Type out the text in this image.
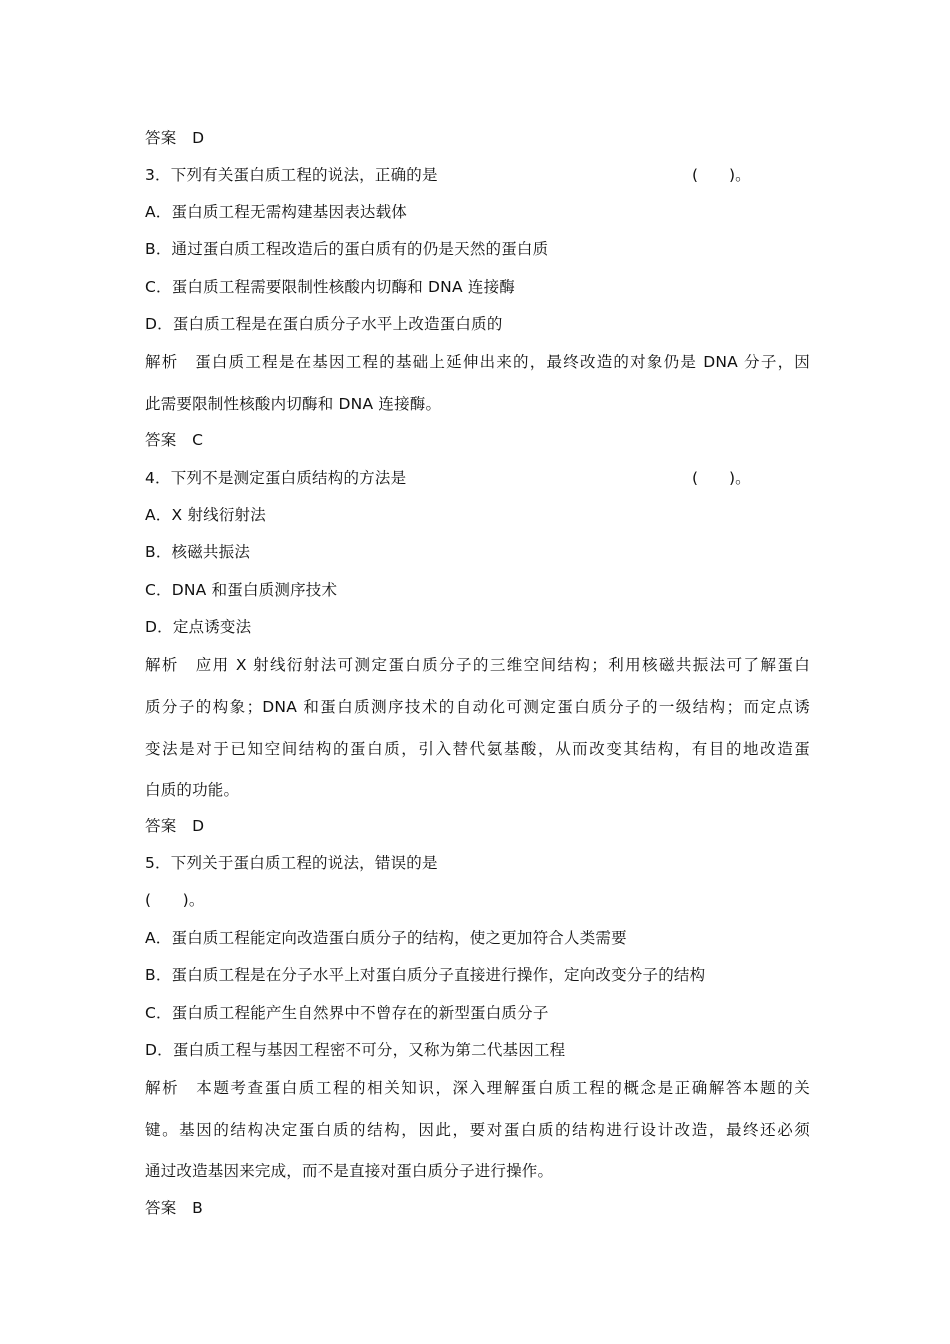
答案　D
3．下列有关蛋白质工程的说法，正确的是	(　　)。
A．蛋白质工程无需构建基因表达载体
B．通过蛋白质工程改造后的蛋白质有的仍是天然的蛋白质
C．蛋白质工程需要限制性核酸内切酶和 DNA 连接酶
D．蛋白质工程是在蛋白质分子水平上改造蛋白质的
解析　蛋白质工程是在基因工程的基础上延伸出来的，最终改造的对象仍是 DNA 分子，因
此需要限制性核酸内切酶和 DNA 连接酶。
答案　C
4．下列不是测定蛋白质结构的方法是	(　　)。
A．X 射线衍射法
B．核磁共振法
C．DNA 和蛋白质测序技术
D．定点诱变法
解析　应用 X 射线衍射法可测定蛋白质分子的三维空间结构；利用核磁共振法可了解蛋白
质分子的构象；DNA 和蛋白质测序技术的自动化可测定蛋白质分子的一级结构；而定点诱
变法是对于已知空间结构的蛋白质，引入替代氨基酸，从而改变其结构，有目的地改造蛋
白质的功能。
答案　D
5．下列关于蛋白质工程的说法，错误的是
(　　)。
A．蛋白质工程能定向改造蛋白质分子的结构，使之更加符合人类需要
B．蛋白质工程是在分子水平上对蛋白质分子直接进行操作，定向改变分子的结构
C．蛋白质工程能产生自然界中不曾存在的新型蛋白质分子
D．蛋白质工程与基因工程密不可分，又称为第二代基因工程
解析　本题考查蛋白质工程的相关知识，深入理解蛋白质工程的概念是正确解答本题的关
键。基因的结构决定蛋白质的结构，因此，要对蛋白质的结构进行设计改造，最终还必须
通过改造基因来完成，而不是直接对蛋白质分子进行操作。
答案　B
